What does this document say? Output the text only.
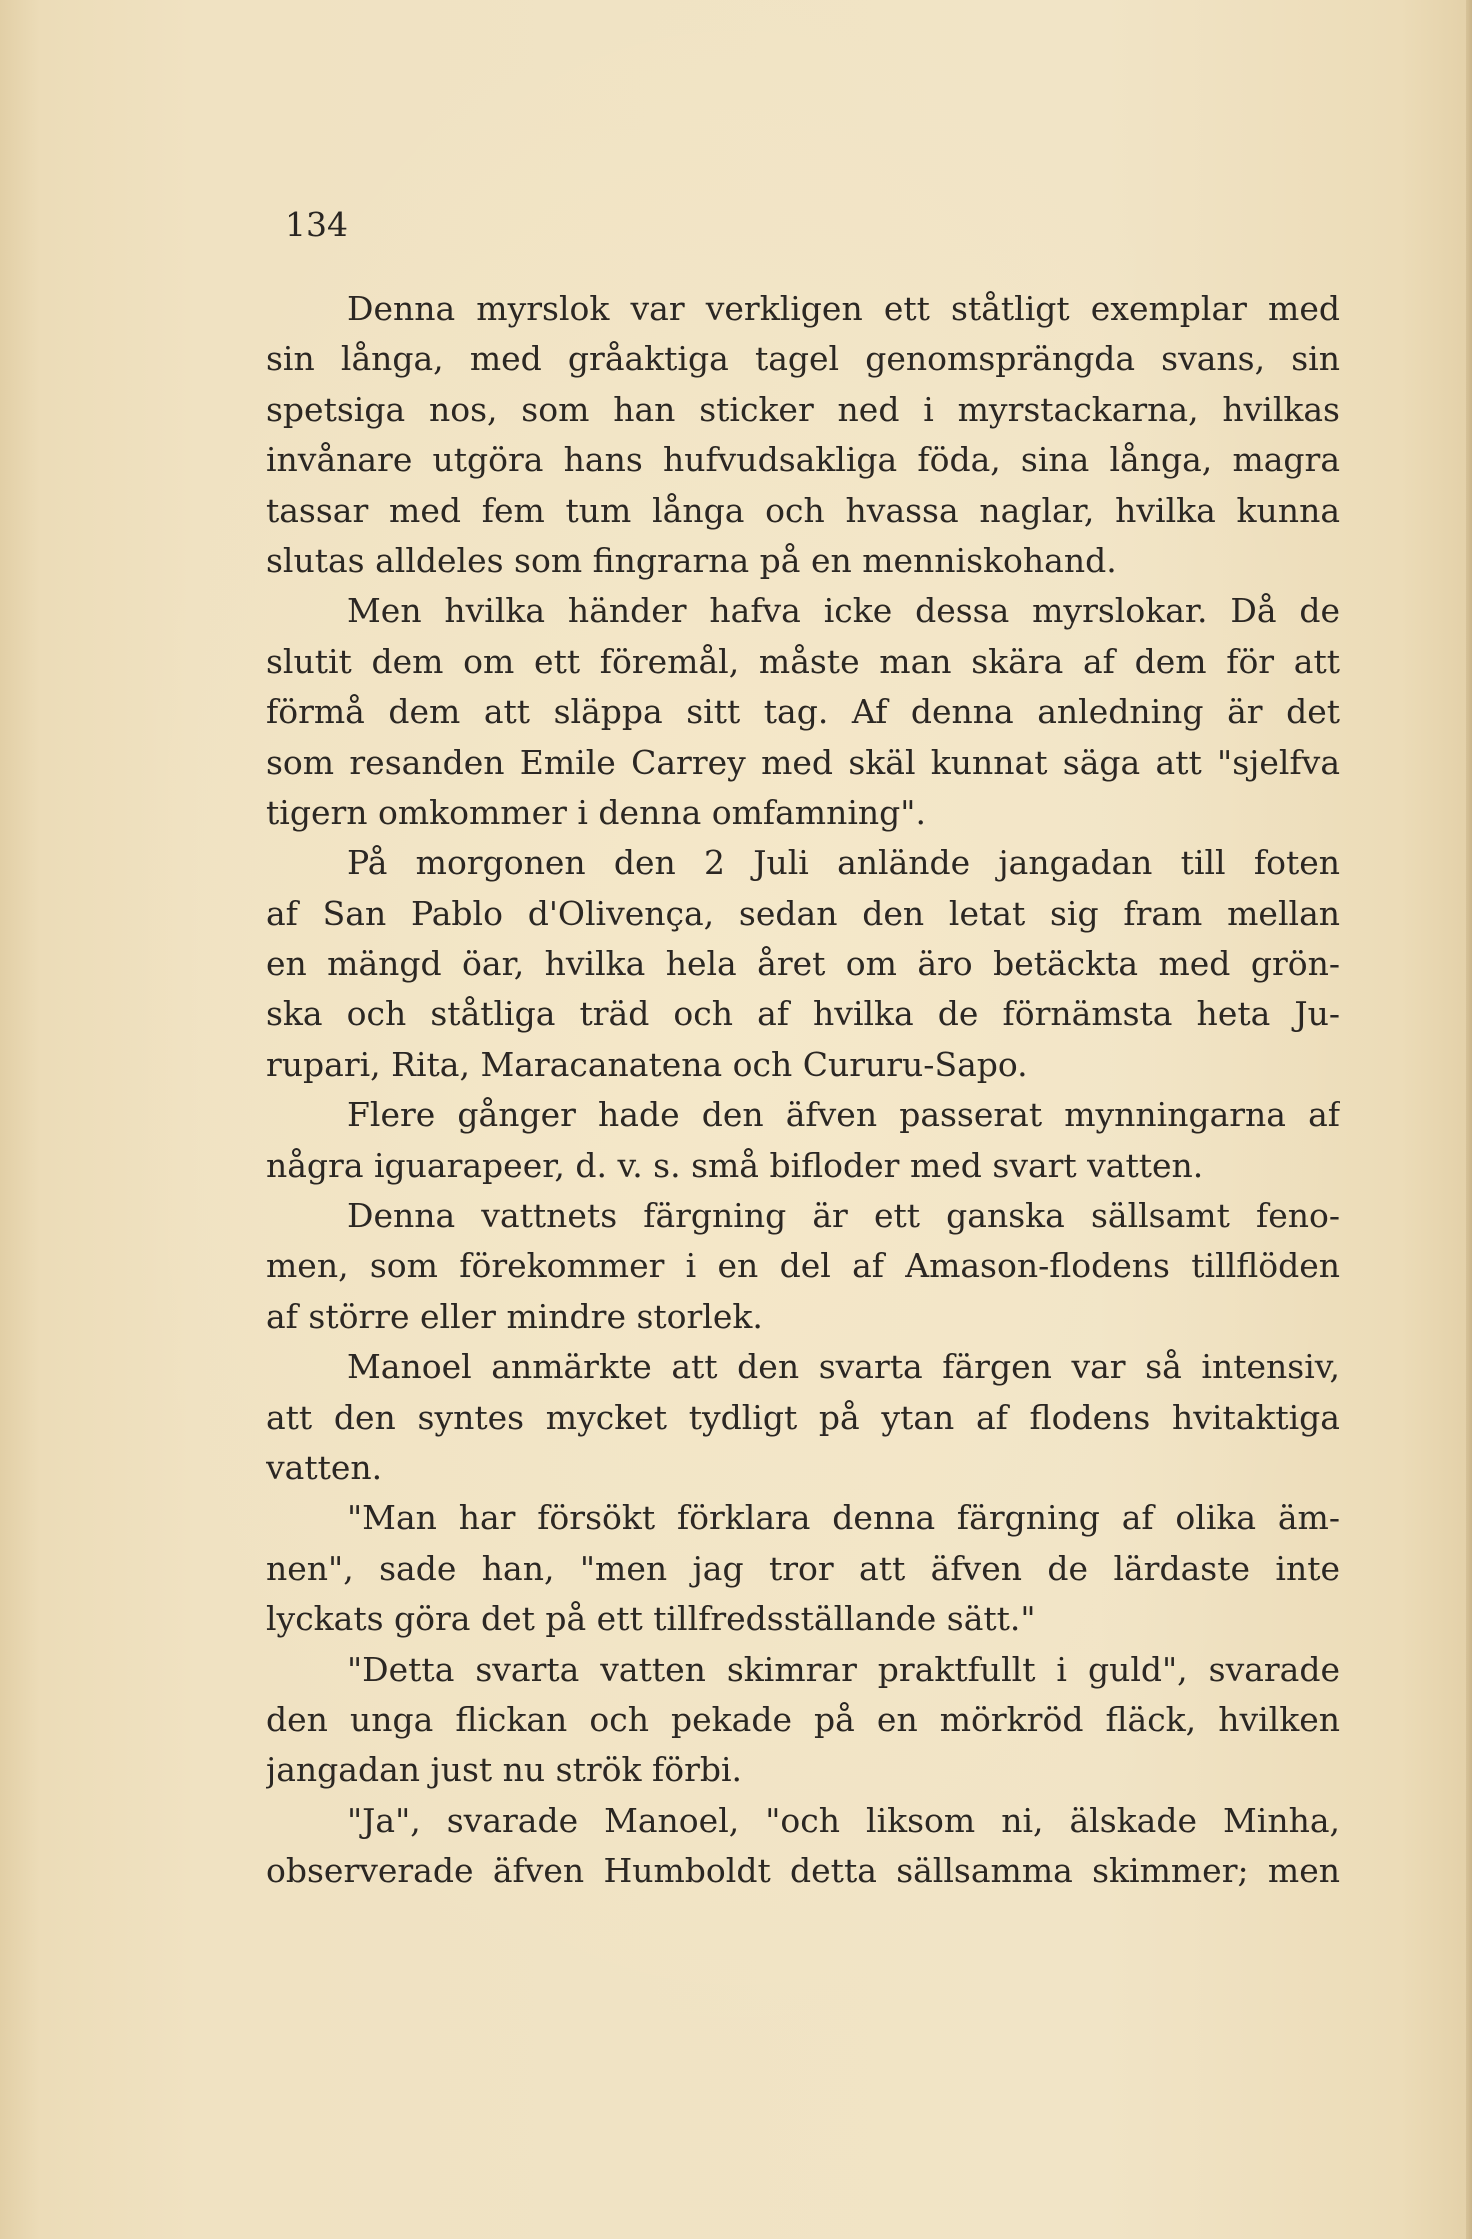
134
Denna myrslok var verkligen ett ståtligt exemplar med
sin långa, med gråaktiga tagel genomsprängda svans, sin
spetsiga nos, som han sticker ned i myrstackarna, hvilkas
invånare utgöra hans hufvudsakliga föda, sina långa, magra
tassar med fem tum långa och hvassa naglar, hvilka kunna
slutas alldeles som fingrarna på en menniskohand.
Men hvilka händer hafva icke dessa myrslokar. Då de
slutit dem om ett föremål, måste man skära af dem för att
förmå dem att släppa sitt tag. Af denna anledning är det
som resanden Emile Carrey med skäl kunnat säga att "sjelfva
tigern omkommer i denna omfamning".
På morgonen den 2 Juli anlände jangadan till foten
af San Pablo d'Olivença, sedan den letat sig fram mellan
en mängd öar, hvilka hela året om äro betäckta med grön-
ska och ståtliga träd och af hvilka de förnämsta heta Ju-
rupari, Rita, Maracanatena och Cururu-Sapo.
Flere gånger hade den äfven passerat mynningarna af
några iguarapeer, d. v. s. små bifloder med svart vatten.
Denna vattnets färgning är ett ganska sällsamt feno-
men, som förekommer i en del af Amason-flodens tillflöden
af större eller mindre storlek.
Manoel anmärkte att den svarta färgen var så intensiv,
att den syntes mycket tydligt på ytan af flodens hvitaktiga
vatten.
"Man har försökt förklara denna färgning af olika äm-
nen", sade han, "men jag tror att äfven de lärdaste inte
lyckats göra det på ett tillfredsställande sätt."
"Detta svarta vatten skimrar praktfullt i guld", svarade
den unga flickan och pekade på en mörkröd fläck, hvilken
jangadan just nu strök förbi.
"Ja", svarade Manoel, "och liksom ni, älskade Minha,
observerade äfven Humboldt detta sällsamma skimmer; men
